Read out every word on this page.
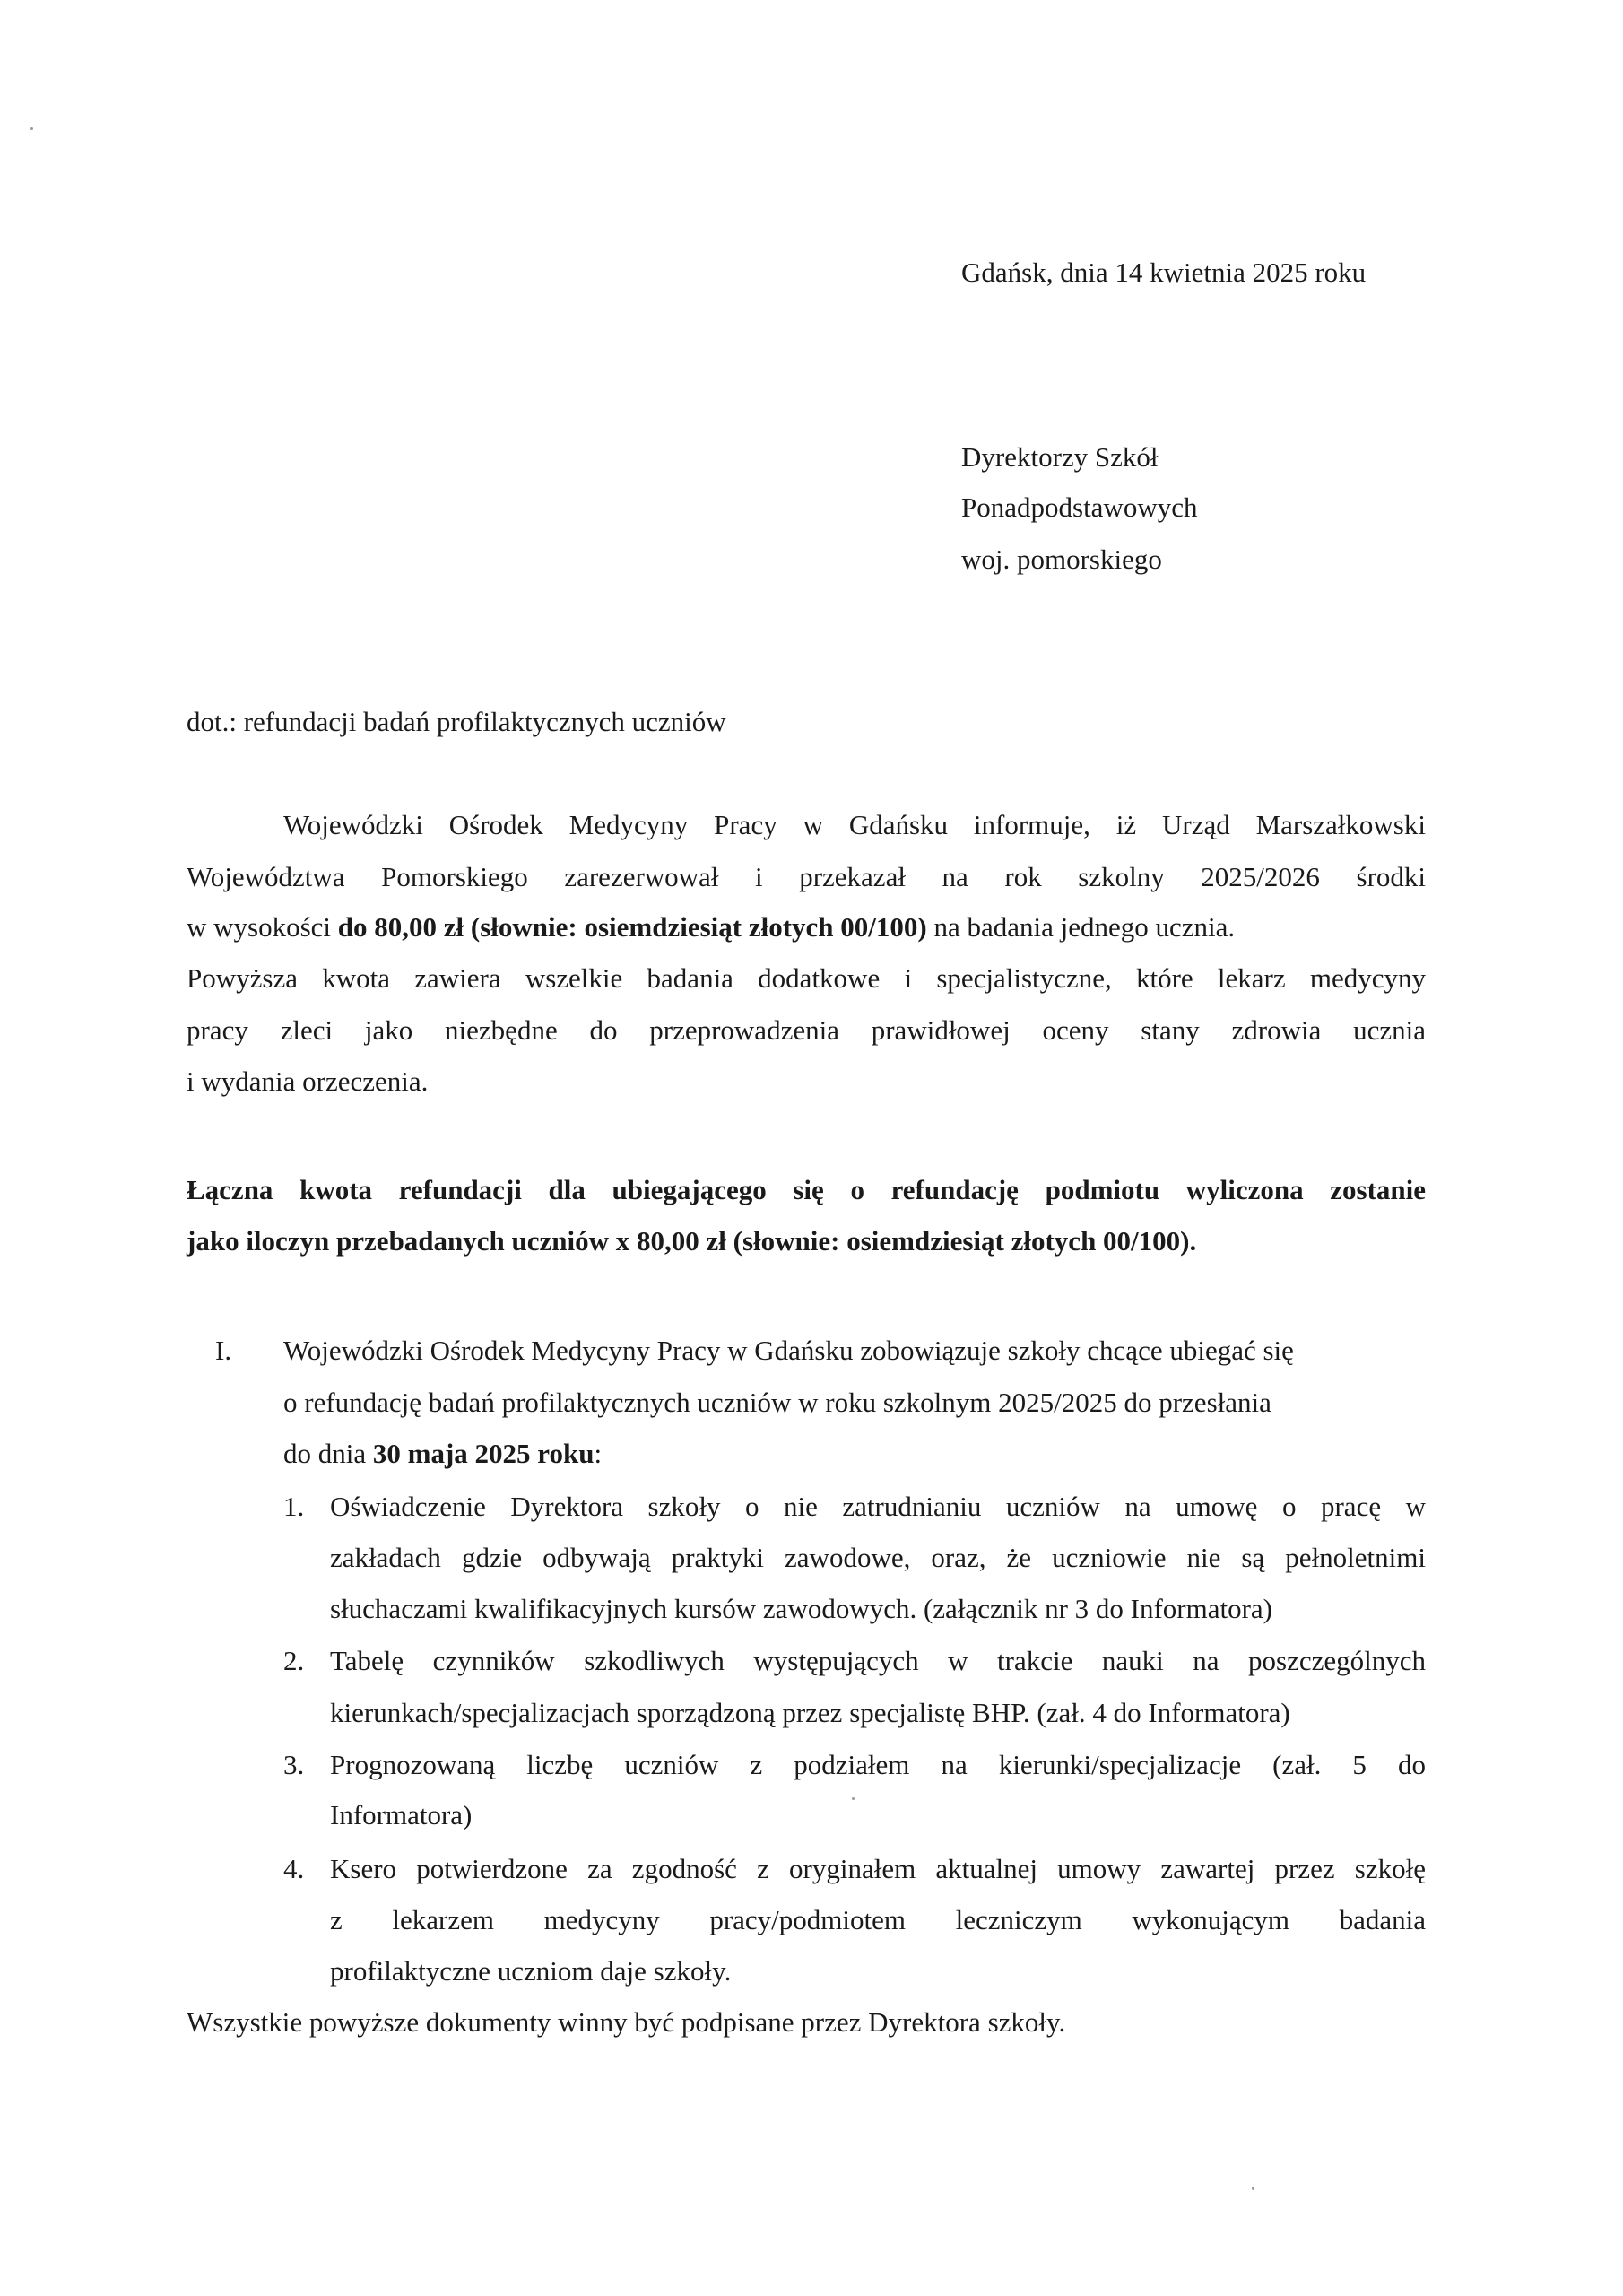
Gdańsk, dnia 14 kwietnia 2025 roku
Dyrektorzy Szkół
Ponadpodstawowych
woj. pomorskiego
dot.: refundacji badań profilaktycznych uczniów
Wojewódzki Ośrodek Medycyny Pracy w Gdańsku informuje, iż Urząd Marszałkowski
Województwa Pomorskiego zarezerwował i przekazał na rok szkolny 2025/2026 środki
w wysokości do 80,00 zł (słownie: osiemdziesiąt złotych 00/100) na badania jednego ucznia.
Powyższa kwota zawiera wszelkie badania dodatkowe i specjalistyczne, które lekarz medycyny
pracy zleci jako niezbędne do przeprowadzenia prawidłowej oceny stany zdrowia ucznia
i wydania orzeczenia.
Łączna kwota refundacji dla ubiegającego się o refundację podmiotu wyliczona zostanie
jako iloczyn przebadanych uczniów x 80,00 zł (słownie: osiemdziesiąt złotych 00/100).
I. Wojewódzki Ośrodek Medycyny Pracy w Gdańsku zobowiązuje szkoły chcące ubiegać się
o refundację badań profilaktycznych uczniów w roku szkolnym 2025/2025 do przesłania
do dnia 30 maja 2025 roku:
1. Oświadczenie Dyrektora szkoły o nie zatrudnianiu uczniów na umowę o pracę w
zakładach gdzie odbywają praktyki zawodowe, oraz, że uczniowie nie są pełnoletnimi
słuchaczami kwalifikacyjnych kursów zawodowych. (załącznik nr 3 do Informatora)
2. Tabelę czynników szkodliwych występujących w trakcie nauki na poszczególnych
kierunkach/specjalizacjach sporządzoną przez specjalistę BHP. (zał. 4 do Informatora)
3. Prognozowaną liczbę uczniów z podziałem na kierunki/specjalizacje (zał. 5 do
Informatora)
4. Ksero potwierdzone za zgodność z oryginałem aktualnej umowy zawartej przez szkołę
z lekarzem medycyny pracy/podmiotem leczniczym wykonującym badania
profilaktyczne uczniom daje szkoły.
Wszystkie powyższe dokumenty winny być podpisane przez Dyrektora szkoły.
